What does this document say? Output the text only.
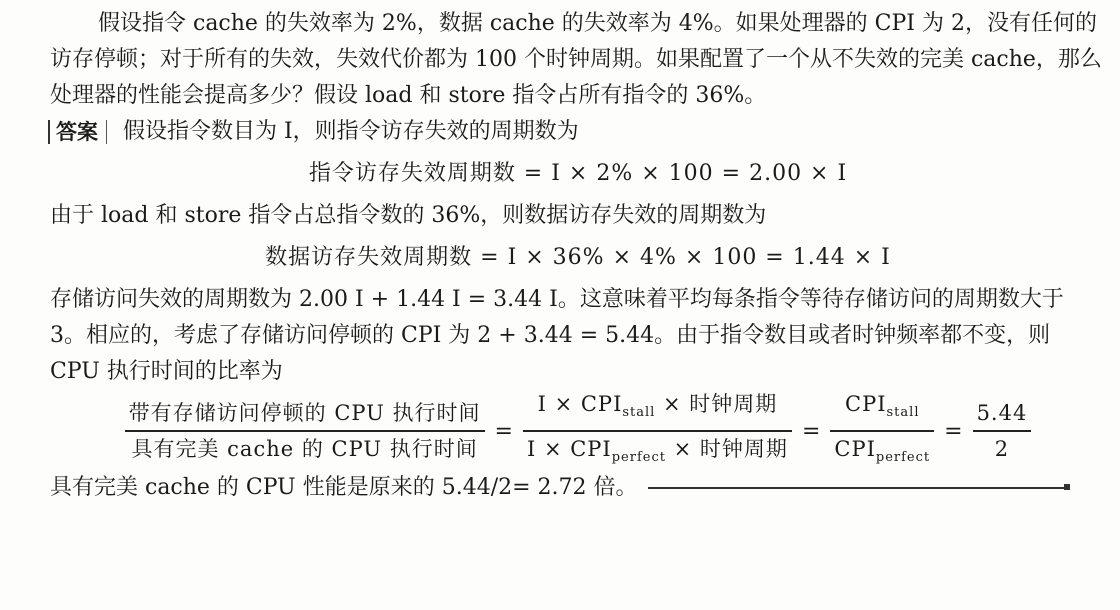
假设指令 cache 的失效率为 2%，数据 cache 的失效率为 4%。如果处理器的 CPI 为 2，没有任何的访存停顿；对于所有的失效，失效代价都为 100 个时钟周期。如果配置了一个从不失效的完美 cache，那么处理器的性能会提高多少？假设 load 和 store 指令占所有指令的 36%。

答案 假设指令数目为 I，则指令访存失效的周期数为
指令访存失效周期数 = I × 2% × 100 = 2.00 × I

由于 load 和 store 指令占总指令数的 36%，则数据访存失效的周期数为

数据访存失效周期数 = I × 36% × 4% × 100 = 1.44 × I

存储访问失效的周期数为 2.00 I + 1.44 I = 3.44 I。这意味着平均每条指令等待存储访问的周期数大于 3。相应的，考虑了存储访问停顿的 CPI 为 2 + 3.44 = 5.44。由于指令数目或者时钟频率都不变，则 CPU 执行时间的比率为

$\frac{\text{带有存储访问停顿的 CPU 执行时间}}{\text{具有完美 cache 的 CPU 执行时间}} = \frac{I \times CPI_{stall} \times 时钟周期}{I \times CPI_{perfect} \times 时钟周期} = \frac{CPI_{stall}}{CPI_{perfect}} = \frac{5.44}{2}$
具有完美 cache 的 CPU 性能是原来的 5.44/2= 2.72 倍。
